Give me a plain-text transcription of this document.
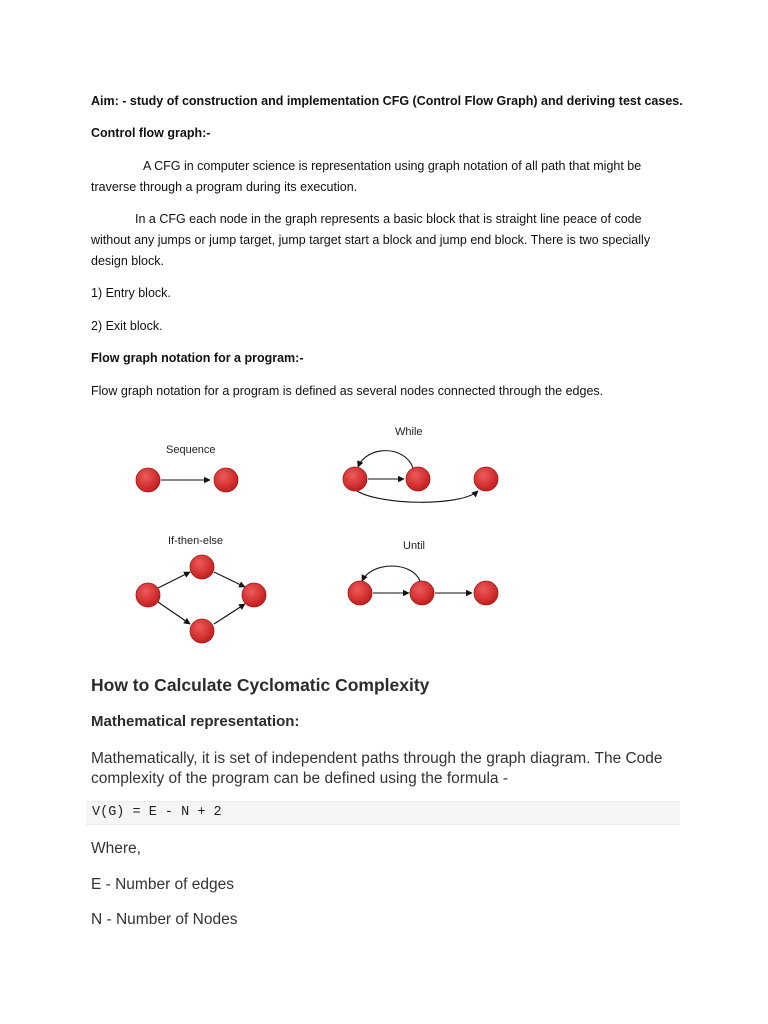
Aim: - study of construction and implementation CFG (Control Flow Graph) and deriving test cases.

Control flow graph:-

A CFG in computer science is representation using graph notation of all path that might be traverse through a program during its execution.

In a CFG each node in the graph represents a basic block that is straight line peace of code without any jumps or jump target, jump target start a block and jump end block. There is two specially design block.

1) Entry block.

2) Exit block.

Flow graph notation for a program:-

Flow graph notation for a program is defined as several nodes connected through the edges.

Sequence
While
If-then-else	Until

How to Calculate Cyclomatic Complexity

Mathematical representation:

Mathematically, it is set of independent paths through the graph diagram. The Code complexity of the program can be defined using the formula -

V(G) = E - N + 2

Where,

E - Number of edges

N - Number of Nodes
